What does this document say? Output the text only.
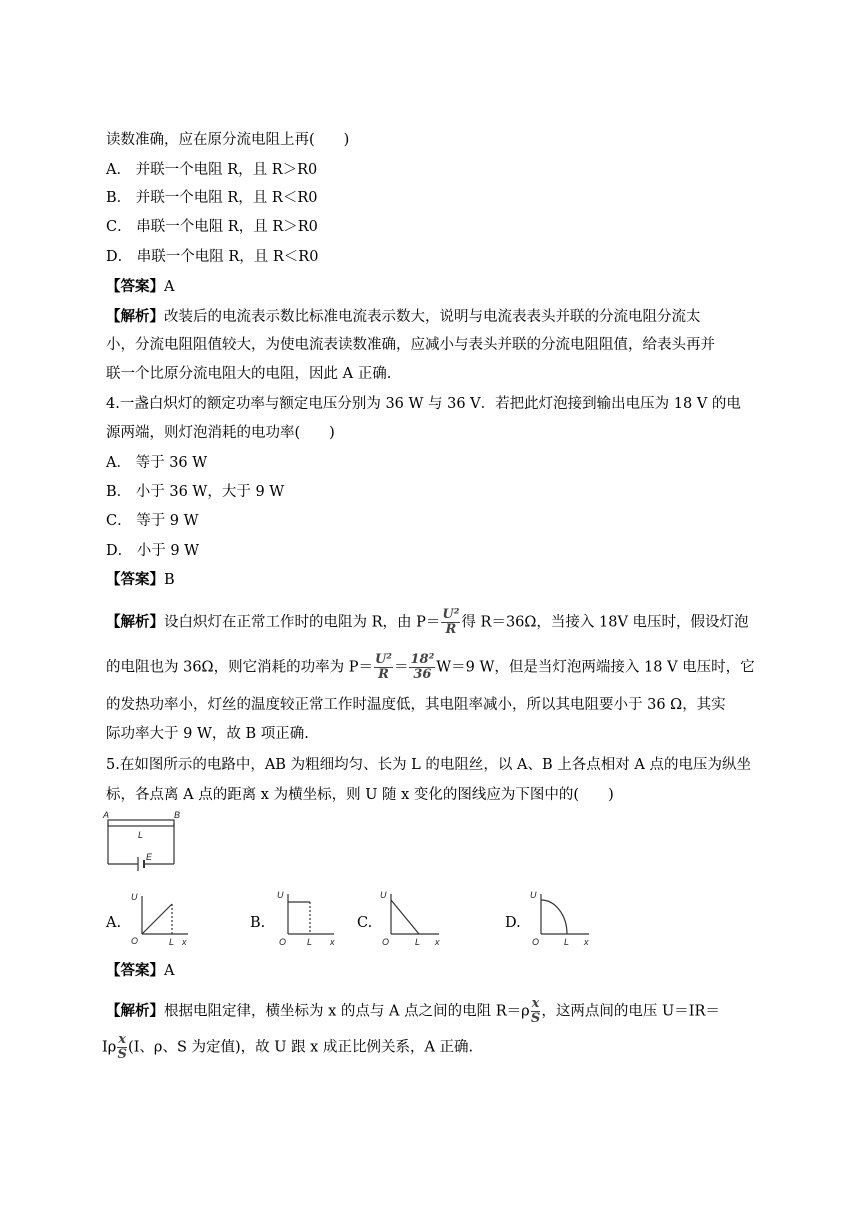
读数准确，应在原分流电阻上再(　　)
A． 并联一个电阻 R，且 R＞R0
B． 并联一个电阻 R，且 R＜R0
C． 串联一个电阻 R，且 R＞R0
D． 串联一个电阻 R，且 R＜R0
【答案】A
【解析】改装后的电流表示数比标准电流表示数大，说明与电流表表头并联的分流电阻分流太
小，分流电阻阻值较大，为使电流表读数准确，应减小与表头并联的分流电阻阻值，给表头再并
联一个比原分流电阻大的电阻，因此 A 正确.
4.一盏白炽灯的额定功率与额定电压分别为 36 W 与 36 V．若把此灯泡接到输出电压为 18 V 的电
源两端，则灯泡消耗的电功率(　　)
A． 等于 36 W
B． 小于 36 W，大于 9 W
C． 等于 9 W
D． 小于 9 W
【答案】B
【解析】设白炽灯在正常工作时的电阻为 R，由 $P= \frac{\text{U²}}{R}$ 得 R＝36Ω，当接入 18V 电压时，假设灯泡
的电阻也为 36Ω，则它消耗的功率为 $P= \frac{\text{U²}}{R} = \frac{\text{18²}}{36} W=9$ W，但是当灯泡两端接入 18 V 电压时，它
的发热功率小，灯丝的温度较正常工作时温度低，其电阻率减小，所以其电阻要小于 36 Ω，其实
际功率大于 9 W，故 B 项正确.
5.在如图所示的电路中，AB 为粗细均匀、长为 L 的电阻丝，以 A、B 上各点相对 A 点的电压为纵坐
标，各点离 A 点的距离 x 为横坐标，则 U 随 x 变化的图线应为下图中的(　　)
A	B
L
E
A.
U
O	L x
B.
U
O L x
C.
U
O	L x
D.
U
O	L x
【答案】A
【解析】根据电阻定律，横坐标为 x 的点与 A 点之间的电阻 $R=\rho \frac{x}{S}$ ，这两点间的电压 U＝IR＝
Iρ $\frac{x}{S} (I$、ρ、S 为定值)，故 U 跟 x 成正比例关系，A 正确.
